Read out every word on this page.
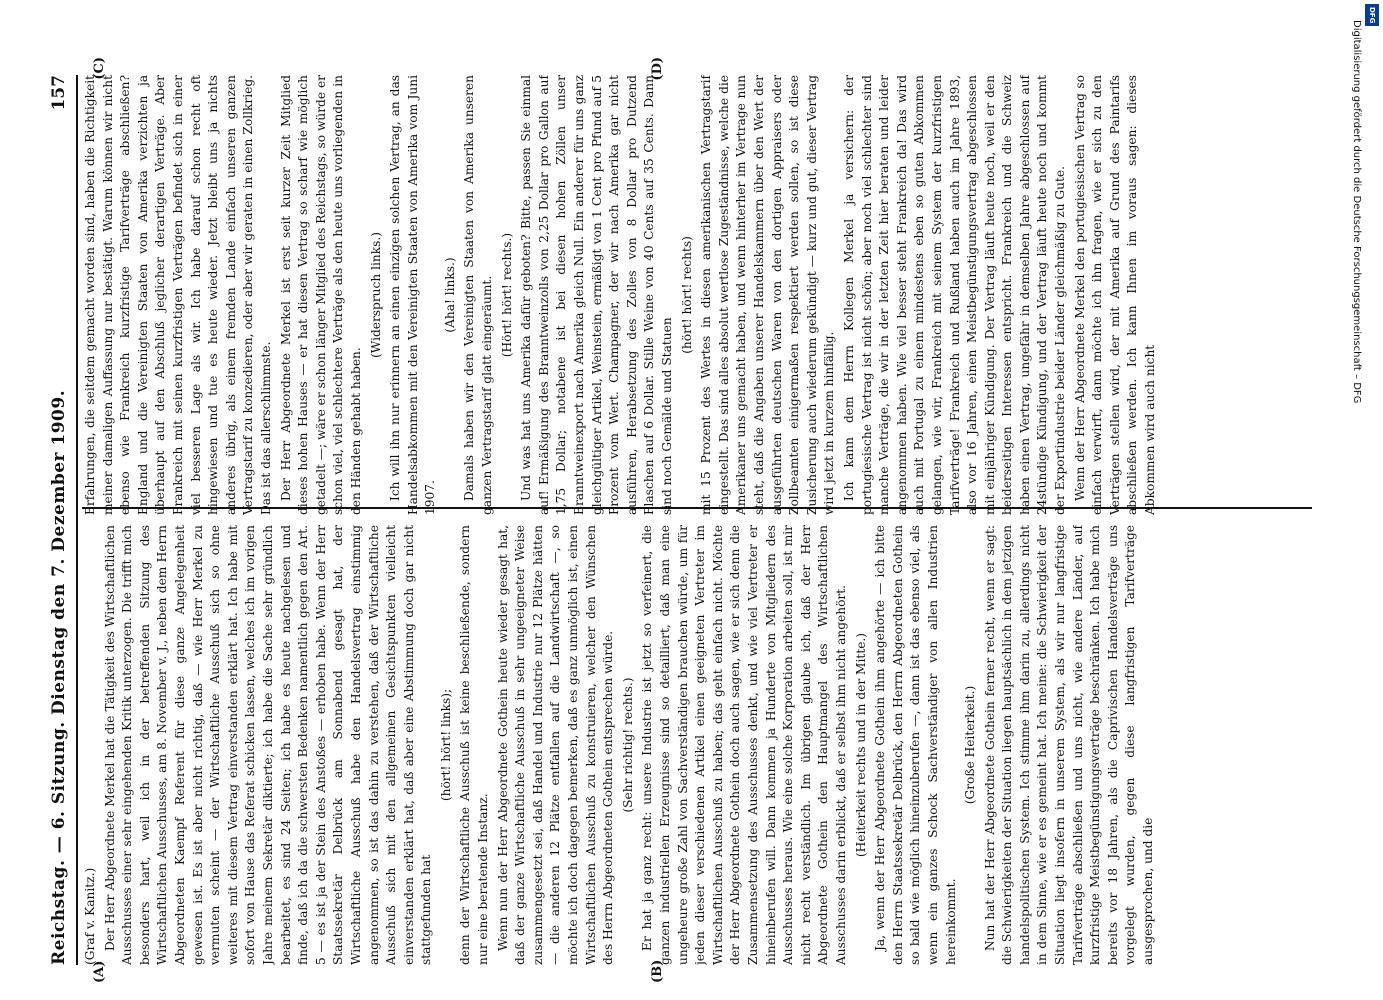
Reichstag. — 6. Sitzung. Dienstag den 7. Dezember 1909.
157
(A)	(B)
(C)	(D)

(Graf v. Kanitz.) Der Herr Abgeordnete Merkel hat die Tätigkeit des Wirtschaftlichen Ausschusses einer sehr eingehenden Kritik unterzogen. Die trifft mich besonders hart, weil ich in der betreffenden Sitzung des Wirtschaftlichen Ausschusses, am 8. November v. J., neben dem Herrn Abgeordneten Kaempf Referent für diese ganze Angelegenheit gewesen ist. Es ist aber nicht richtig, daß — wie Herr Merkel zu vermuten scheint — der Wirtschaftliche Ausschuß sich so ohne weiteres mit diesem Vertrag einverstanden erklärt hat. Ich habe mit sofort von Hause das Referat schicken lassen, welches ich im vorigen Jahre meinem Sekretär diktierte; ich habe die Sache sehr gründlich bearbeitet, es sind 24 Seiten; ich habe es heute nachgelesen und finde, daß ich da die schwersten Bedenken namentlich gegen den Art. 5 — es ist ja der Stein des Anstoßes — erhoben habe. Wenn der Herr Staatssekretär Delbrück am Sonnabend gesagt hat, der Wirtschaftliche Ausschuß habe den Handelsvertrag einstimmig angenommen, so ist das dahin zu verstehen, daß der Wirtschaftliche Ausschuß sich mit den allgemeinen Gesichtspunkten vielleicht einverstanden erklärt hat, daß aber eine Abstimmung doch gar nicht stattgefunden hat

(hört! hört! links); denn der Wirtschaftliche Ausschuß ist keine beschließende, sondern nur eine beratende Instanz. Wenn nun der Herr Abgeordnete Gothein heute wieder gesagt hat, daß der ganze Wirtschaftliche Ausschuß in sehr ungeeigneter Weise zusammengesetzt sei, daß Handel und Industrie nur 12 Plätze hätten — die anderen 12 Plätze entfallen auf die Landwirtschaft —, so möchte ich doch dagegen bemerken, daß es ganz unmöglich ist, einen Wirtschaftlichen Ausschuß zu konstruieren, welcher den Wünschen des Herrn Abgeordneten Gothein entsprechen würde. (Sehr richtig! rechts.) Er hat ja ganz recht: unsere Industrie ist jetzt so verfeinert, die ganzen industriellen Erzeugnisse sind so detailliert, daß man eine ungeheure große Zahl von Sachverständigen brauchen würde, um für jeden dieser verschiedenen Artikel einen geeigneten Vertreter im Wirtschaftlichen Ausschuß zu haben; das geht einfach nicht. Möchte der Herr Abgeordnete Gothein doch auch sagen, wie er sich denn die Zusammensetzung des Ausschusses denkt, und wie viel Vertreter er hineinberufen will. Dann kommen ja Hunderte von Mitgliedern des Ausschusses heraus. Wie eine solche Korporation arbeiten soll, ist mir nicht recht verständlich. Im übrigen glaube ich, daß der Herr Abgeordnete Gothein den Hauptmangel des Wirtschaftlichen Ausschusses darin erblickt, daß er selbst ihm nicht angehört. (Heiterkeit rechts und in der Mitte.) Ja, wenn der Herr Abgeordnete Gothein ihm angehörte — ich bitte den Herrn Staatssekretär Delbrück, den Herrn Abgeordneten Gothein so bald wie möglich hineinzuberufen —, dann ist das ebenso viel, als wenn ein ganzes Schock Sachverständiger von allen Industrien hereinkommt.

(Große Heiterkeit.) Nun hat der Herr Abgeordnete Gothein ferner recht, wenn er sagt: die Schwierigkeiten der Situation liegen hauptsächlich in dem jetzigen handelspolitischen System. Ich stimme ihm darin zu, allerdings nicht in dem Sinne, wie er es gemeint hat. Ich meine: die Schwierigkeit der Situation liegt insofern in unserem System, als wir nur langfristige Tarifverträge abschließen und uns nicht, wie andere Länder, auf kurzfristige Meistbegünstigungsverträge beschränken. Ich habe mich bereits vor 18 Jahren, als die Caprivischen Handelsverträge uns vorgelegt wurden, gegen diese langfristigen Tarifverträge ausgesprochen, und die

Erfahrungen, die seitdem gemacht worden sind, haben die Richtigkeit meiner damaligen Auffassung nur bestätigt. Warum können wir nicht ebenso wie Frankreich kurzfristige Tarifverträge abschließen? England und die Vereinigten Staaten von Amerika verzichten ja überhaupt auf den Abschluß jeglicher derartigen Verträge. Aber Frankreich mit seinen kurzfristigen Verträgen befindet sich in einer viel besseren Lage als wir. Ich habe darauf schon recht oft hingewiesen und tue es heute wieder. Jetzt bleibt uns ja nichts anderes übrig, als einem fremden Lande einfach unseren ganzen Vertragstarif zu konzedieren, oder aber wir geraten in einen Zollkrieg. Das ist das allerschlimmste. Der Herr Abgeordnete Merkel ist erst seit kurzer Zeit Mitglied dieses hohen Hauses — er hat diesen Vertrag so scharf wie möglich getadelt —; wäre er schon länger Mitglied des Reichstags, so würde er schon viel, viel schlechtere Verträge als den heute uns vorliegenden in den Händen gehabt haben.

(Widerspruch links.) Ich will ihn nur erinnern an einen einzigen solchen Vertrag, an das Handelsabkommen mit den Vereinigten Staaten von Amerika vom Juni 1907.

(Aha! links.) Damals haben wir den Vereinigten Staaten von Amerika unseren ganzen Vertragstarif glatt eingeräumt. (Hört! hört! rechts.) Und was hat uns Amerika dafür geboten? Bitte, passen Sie einmal auf! Ermäßigung des Branntweinzolls von 2,25 Dollar pro Gallon auf 1,75 Dollar; notabene ist bei diesen hohen Zöllen unser Branntweinexport nach Amerika gleich Null. Ein anderer für uns ganz gleichgültiger Artikel, Weinstein, ermäßigt von 1 Cent pro Pfund auf 5 Prozent vom Wert. Champagner, der wir nach Amerika gar nicht ausführen, Herabsetzung des Zolles von 8 Dollar pro Dutzend Flaschen auf 6 Dollar. Stille Weine von 40 Cents auf 35 Cents. Dann sind noch Gemälde und Statuen

(hört! hört! rechts) mit 15 Prozent des Wertes in diesen amerikanischen Vertragstarif eingestellt. Das sind alles absolut wertlose Zugeständnisse, welche die Amerikaner uns gemacht haben, und wenn hinterher im Vertrage nun steht, daß die Angaben unserer Handelskammern über den Wert der ausgeführten deutschen Waren von den dortigen Appraisers oder Zollbeamten einigermaßen respektiert werden sollen, so ist diese Zusicherung auch wiederum gekündigt — kurz und gut, dieser Vertrag wird jetzt in kurzem hinfällig. Ich kann dem Herrn Kollegen Merkel ja versichern: der portugiesische Vertrag ist nicht schön; aber noch viel schlechter sind manche Verträge, die wir in der letzten Zeit hier beraten und leider angenommen haben. Wie viel besser steht Frankreich da! Das wird auch mit Portugal zu einem mindestens eben so guten Abkommen gelangen, wie wir, Frankreich mit seinem System der kurzfristigen Tarifverträge! Frankreich und Rußland haben auch im Jahre 1893, also vor 16 Jahren, einen Meistbegünstigungsvertrag abgeschlossen mit einjähriger Kündigung. Der Vertrag läuft heute noch, weil er den beiderseitigen Interessen entspricht. Frankreich und die Schweiz haben einen Vertrag, ungefähr in demselben Jahre abgeschlossen auf 24stündige Kündigung, und der Vertrag läuft heute noch und kommt der Exportindustrie beider Länder gleichmäßig zu Gute. Wenn der Herr Abgeordnete Merkel den portugiesischen Vertrag so einfach verwirft, dann möchte ich ihn fragen, wie er sich zu den Verträgen stellen wird, der mit Amerika auf Grund des Paintarifs abschließen werden. Ich kann Ihnen im voraus sagen: dieses Abkommen wird auch nicht

DFG
Digitalisierung gefördert durch die Deutsche Forschungsgemeinschaft – DFG
